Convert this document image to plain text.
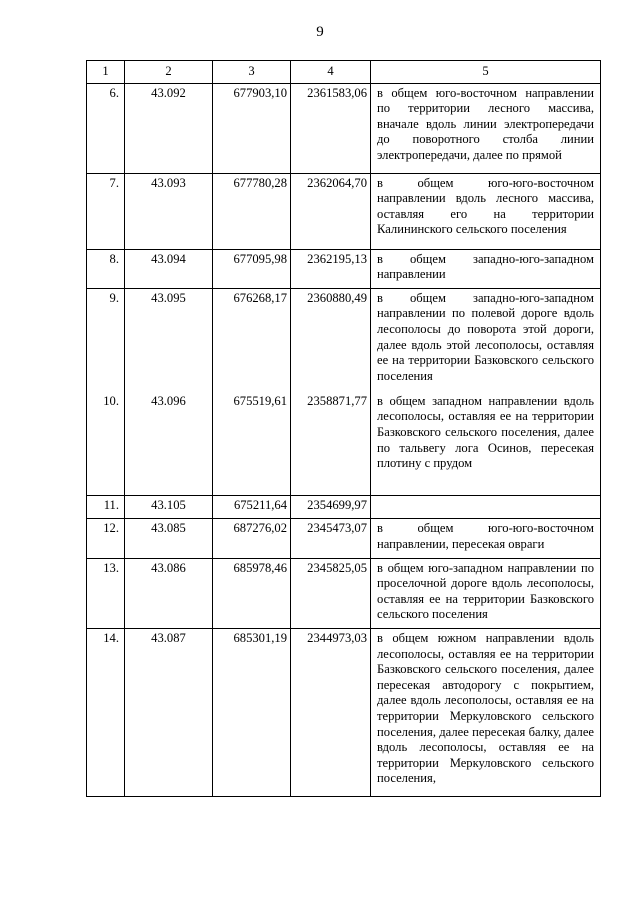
9
1	2	3	4	5
6.	43.092	677903,10	2361583,06	в общем юго-восточном направлении по территории лесного массива, вначале вдоль линии электропередачи до поворотного столба линии электропередачи, далее по прямой
7.	43.093	677780,28	2362064,70	в общем юго-юго-восточном направлении вдоль лесного массива, оставляя его на территории Калининского сельского поселения
8.	43.094	677095,98	2362195,13	в общем западно-юго-западном направлении
9.	43.095	676268,17	2360880,49	в общем западно-юго-западном направлении по полевой дороге вдоль лесополосы до поворота этой дороги, далее вдоль этой лесополосы, оставляя ее на территории Базковского сельского поселения
10.	43.096	675519,61	2358871,77	в общем западном направлении вдоль лесополосы, оставляя ее на территории Базковского сельского поселения, далее по тальвегу лога Осинов, пересекая плотину с прудом
11.	43.105	675211,64	2354699,97	
12.	43.085	687276,02	2345473,07	в общем юго-юго-восточном направлении, пересекая овраги
13.	43.086	685978,46	2345825,05	в общем юго-западном направлении по проселочной дороге вдоль лесополосы, оставляя ее на территории Базковского сельского поселения
14.	43.087	685301,19	2344973,03	в общем южном направлении вдоль лесополосы, оставляя ее на территории Базковского сельского поселения, далее пересекая автодорогу с покрытием, далее вдоль лесополосы, оставляя ее на территории Меркуловского сельского поселения, далее пересекая балку, далее вдоль лесополосы, оставляя ее на территории Меркуловского сельского поселения,
